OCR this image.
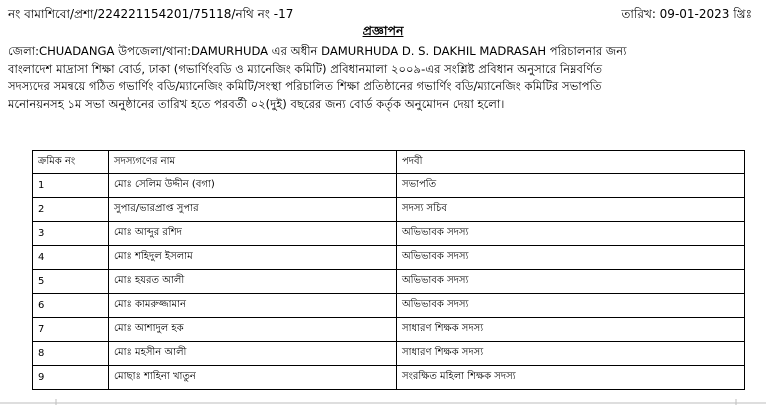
নং বামাশিবো/প্রশা/224221154201/75118/নথি নং -17	তারিখ: 09-01-2023 খ্রিঃ
প্রজ্ঞাপন
জেলা:CHUADANGA উপজেলা/থানা:DAMURHUDA এর অধীন DAMURHUDA D. S. DAKHIL MADRASAH পরিচালনার জন্য
বাংলাদেশ মাদ্রাসা শিক্ষা বোর্ড, ঢাকা (গভার্ণিংবডি ও ম্যানেজিং কমিটি) প্রবিধানমালা ২০০৯-এর সংশ্লিষ্ট প্রবিধান অনুসারে নিম্নবর্ণিত
সদস্যদের সমন্বয়ে গঠিত গভার্ণিং বডি/ম্যানেজিং কমিটি/সংস্থা পরিচালিত শিক্ষা প্রতিষ্ঠানের গভার্ণিং বডি/ম্যানেজিং কমিটির সভাপতি
মনোনয়নসহ ১ম সভা অনুষ্ঠানের তারিখ হতে পরবর্তী ০২(দুই) বছরের জন্য বোর্ড কর্তৃক অনুমোদন দেয়া হলো।
ক্রমিক নং	সদস্যগণের নাম	পদবী
1	মোঃ সেলিম উদ্দীন (বগা)	সভাপতি
2	সুপার/ভারপ্রাপ্ত সুপার	সদস্য সচিব
3	মোঃ আব্দুর রশিদ	অভিভাবক সদস্য
4	মোঃ শহিদুল ইসলাম	অভিভাবক সদস্য
5	মোঃ হযরত আলী	অভিভাবক সদস্য
6	মোঃ কামরুজ্জামান	অভিভাবক সদস্য
7	মোঃ আশাদুল হক	সাধারণ শিক্ষক সদস্য
8	মোঃ মহসীন আলী	সাধারণ শিক্ষক সদস্য
9	মোছাঃ শাহিনা খাতুন	সংরক্ষিত মহিলা শিক্ষক সদস্য
